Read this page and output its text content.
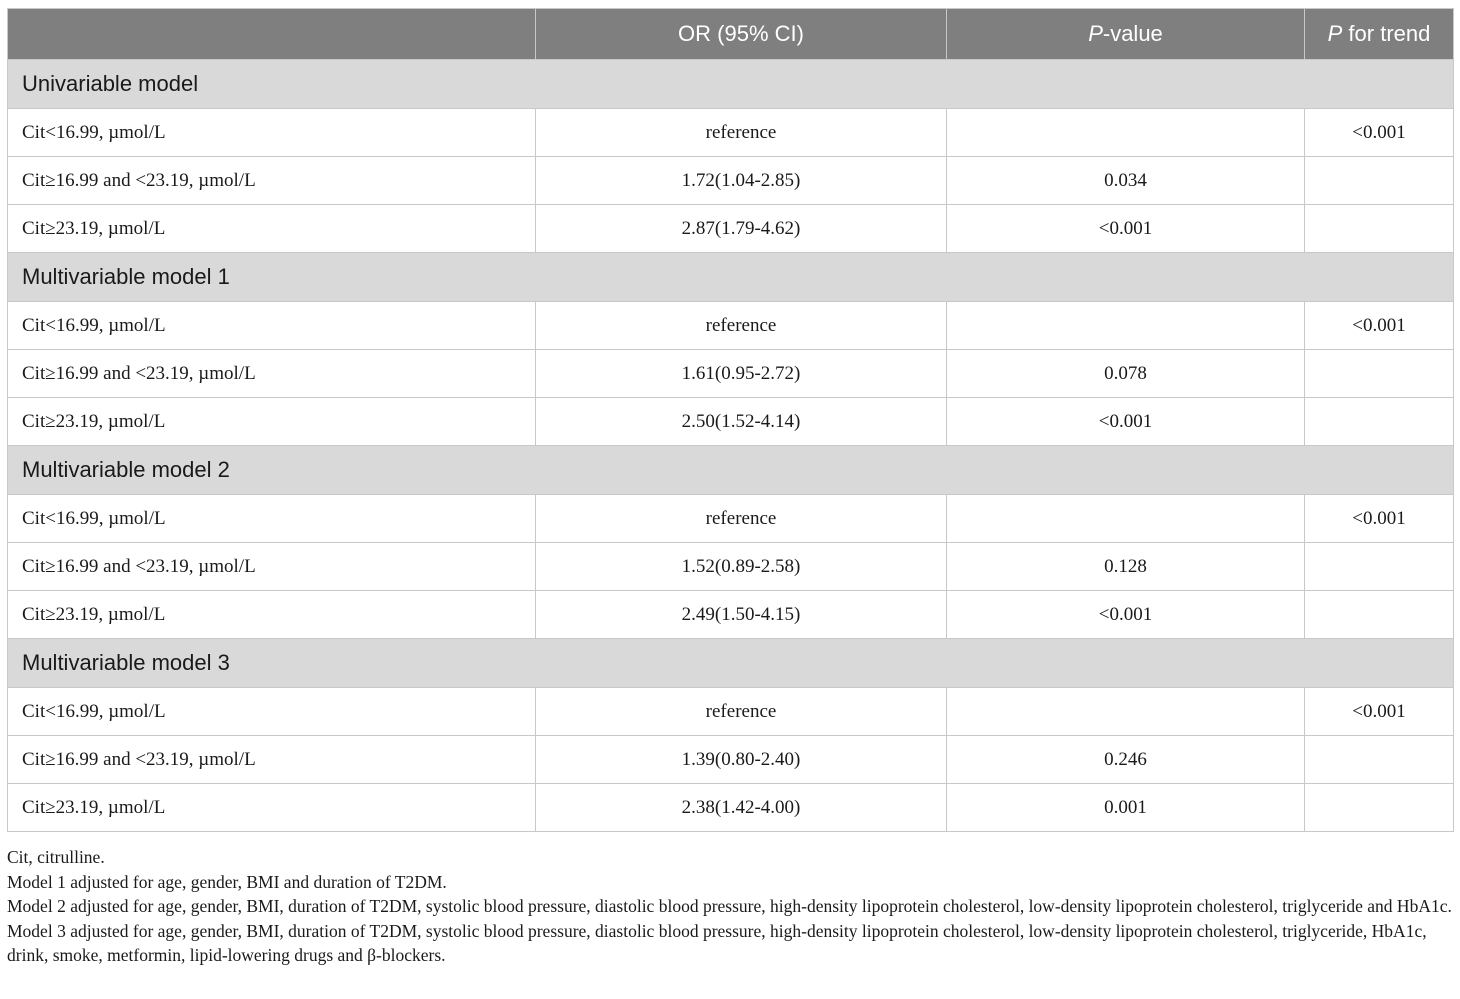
	OR (95% CI)	P-value	P for trend
Univariable model			
Cit<16.99, µmol/L	reference		<0.001
Cit≥16.99 and <23.19, µmol/L	1.72(1.04-2.85)	0.034	
Cit≥23.19, µmol/L	2.87(1.79-4.62)	<0.001	
Multivariable model 1			
Cit<16.99, µmol/L	reference		<0.001
Cit≥16.99 and <23.19, µmol/L	1.61(0.95-2.72)	0.078	
Cit≥23.19, µmol/L	2.50(1.52-4.14)	<0.001	
Multivariable model 2			
Cit<16.99, µmol/L	reference		<0.001
Cit≥16.99 and <23.19, µmol/L	1.52(0.89-2.58)	0.128	
Cit≥23.19, µmol/L	2.49(1.50-4.15)	<0.001	
Multivariable model 3			
Cit<16.99, µmol/L	reference		<0.001
Cit≥16.99 and <23.19, µmol/L	1.39(0.80-2.40)	0.246	
Cit≥23.19, µmol/L	2.38(1.42-4.00)	0.001	

Cit, citrulline.

Model 1 adjusted for age, gender, BMI and duration of T2DM.

Model 2 adjusted for age, gender, BMI, duration of T2DM, systolic blood pressure, diastolic blood pressure, high-density lipoprotein cholesterol, low-density lipoprotein cholesterol, triglyceride and HbA1c.

Model 3 adjusted for age, gender, BMI, duration of T2DM, systolic blood pressure, diastolic blood pressure, high-density lipoprotein cholesterol, low-density lipoprotein cholesterol, triglyceride, HbA1c, drink, smoke, metformin, lipid-lowering drugs and β-blockers.
